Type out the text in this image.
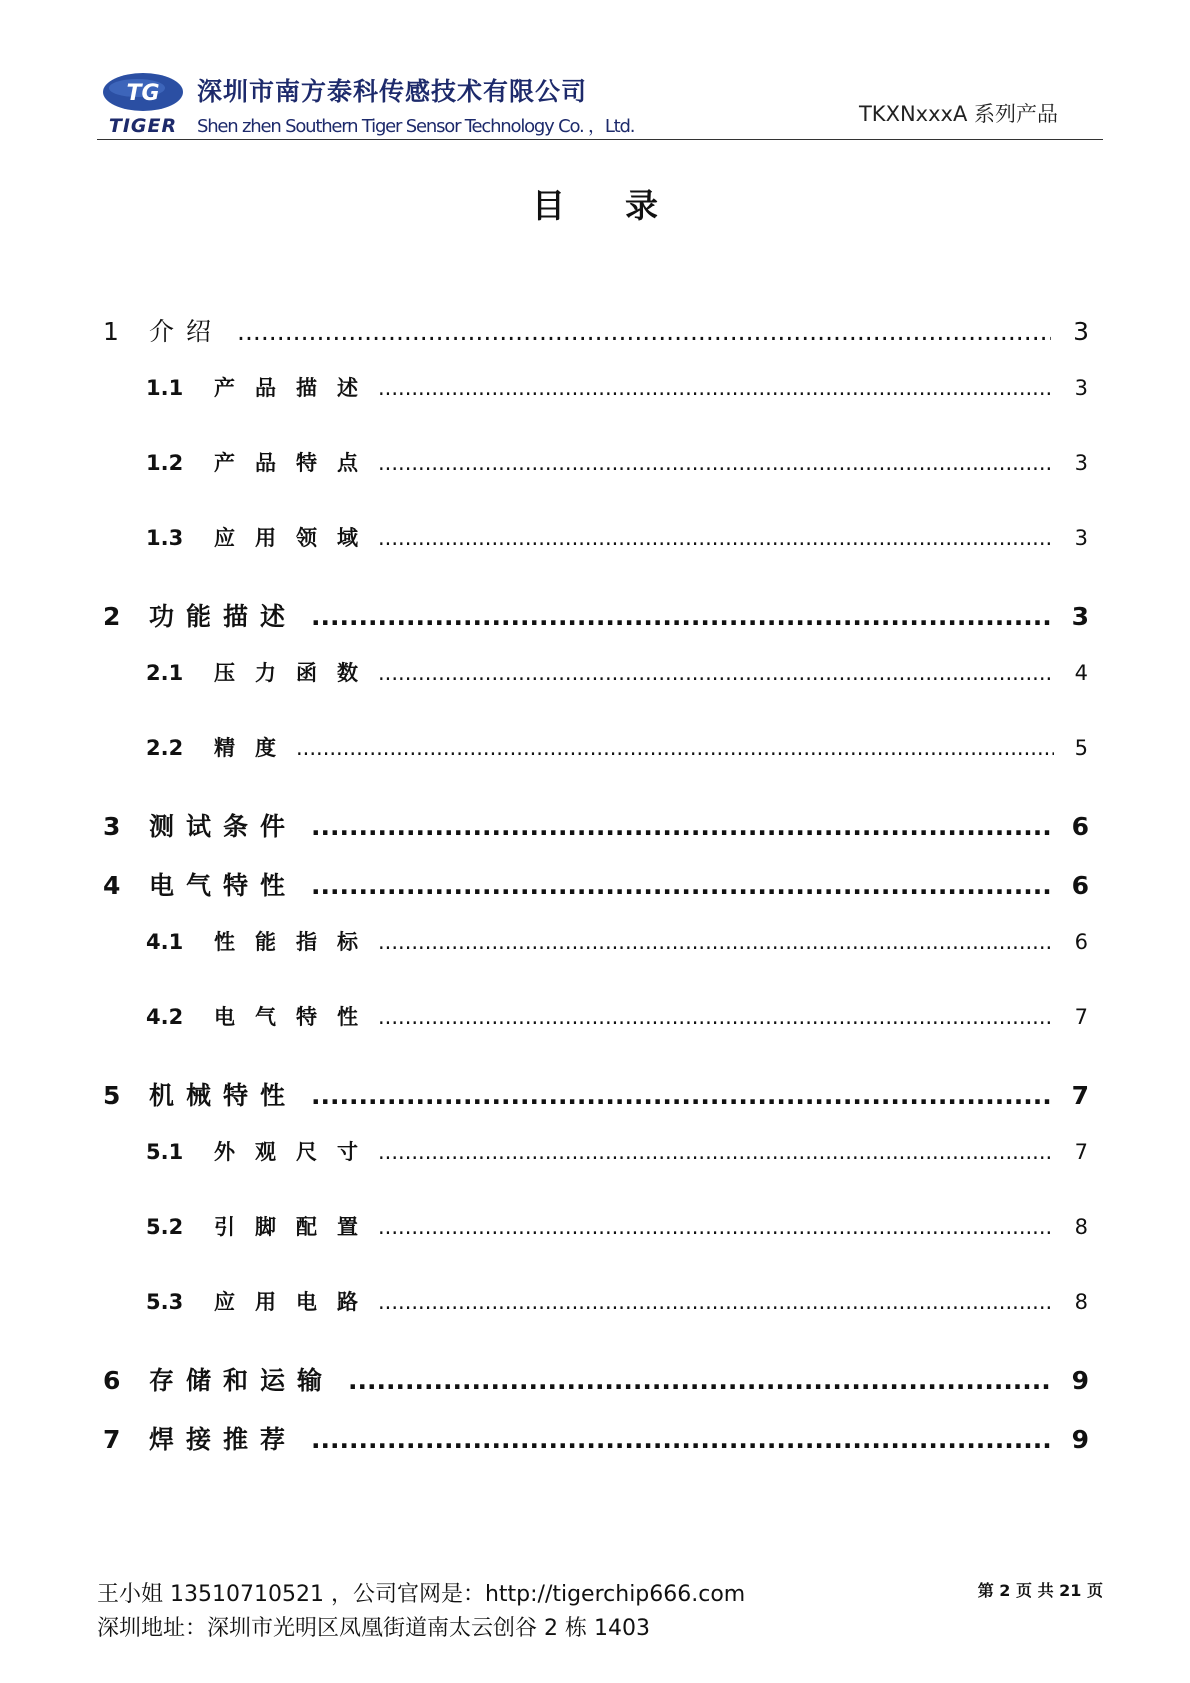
TG
TIGER
深圳市南方泰科传感技术有限公司
Shen zhen Southern Tiger Sensor Technology Co. ，Ltd.
TKXNxxxA 系列产品
目录
1	介绍 .....	3
1.1	产品描述 .....	3
1.2	产品特点 .....	3
1.3	应用领域 .....	3
2	功能描述 .....	3
2.1	压力函数 .....	4
2.2	精度 .....	5
3	测试条件 .....	6
4	电气特性 .....	6
4.1	性能指标 .....	6
4.2	电气特性 .....	7
5	机械特性 .....	7
5.1	外观尺寸 .....	7
5.2	引脚配置 .....	8
5.3	应用电路 .....	8
6	存储和运输 .....	9
7	焊接推荐 .....	9
王小姐 13510710521 ，公司官网是：http://tigerchip666.com
深圳地址：深圳市光明区凤凰街道南太云创谷 2 栋 1403
第 2 页 共 21 页
